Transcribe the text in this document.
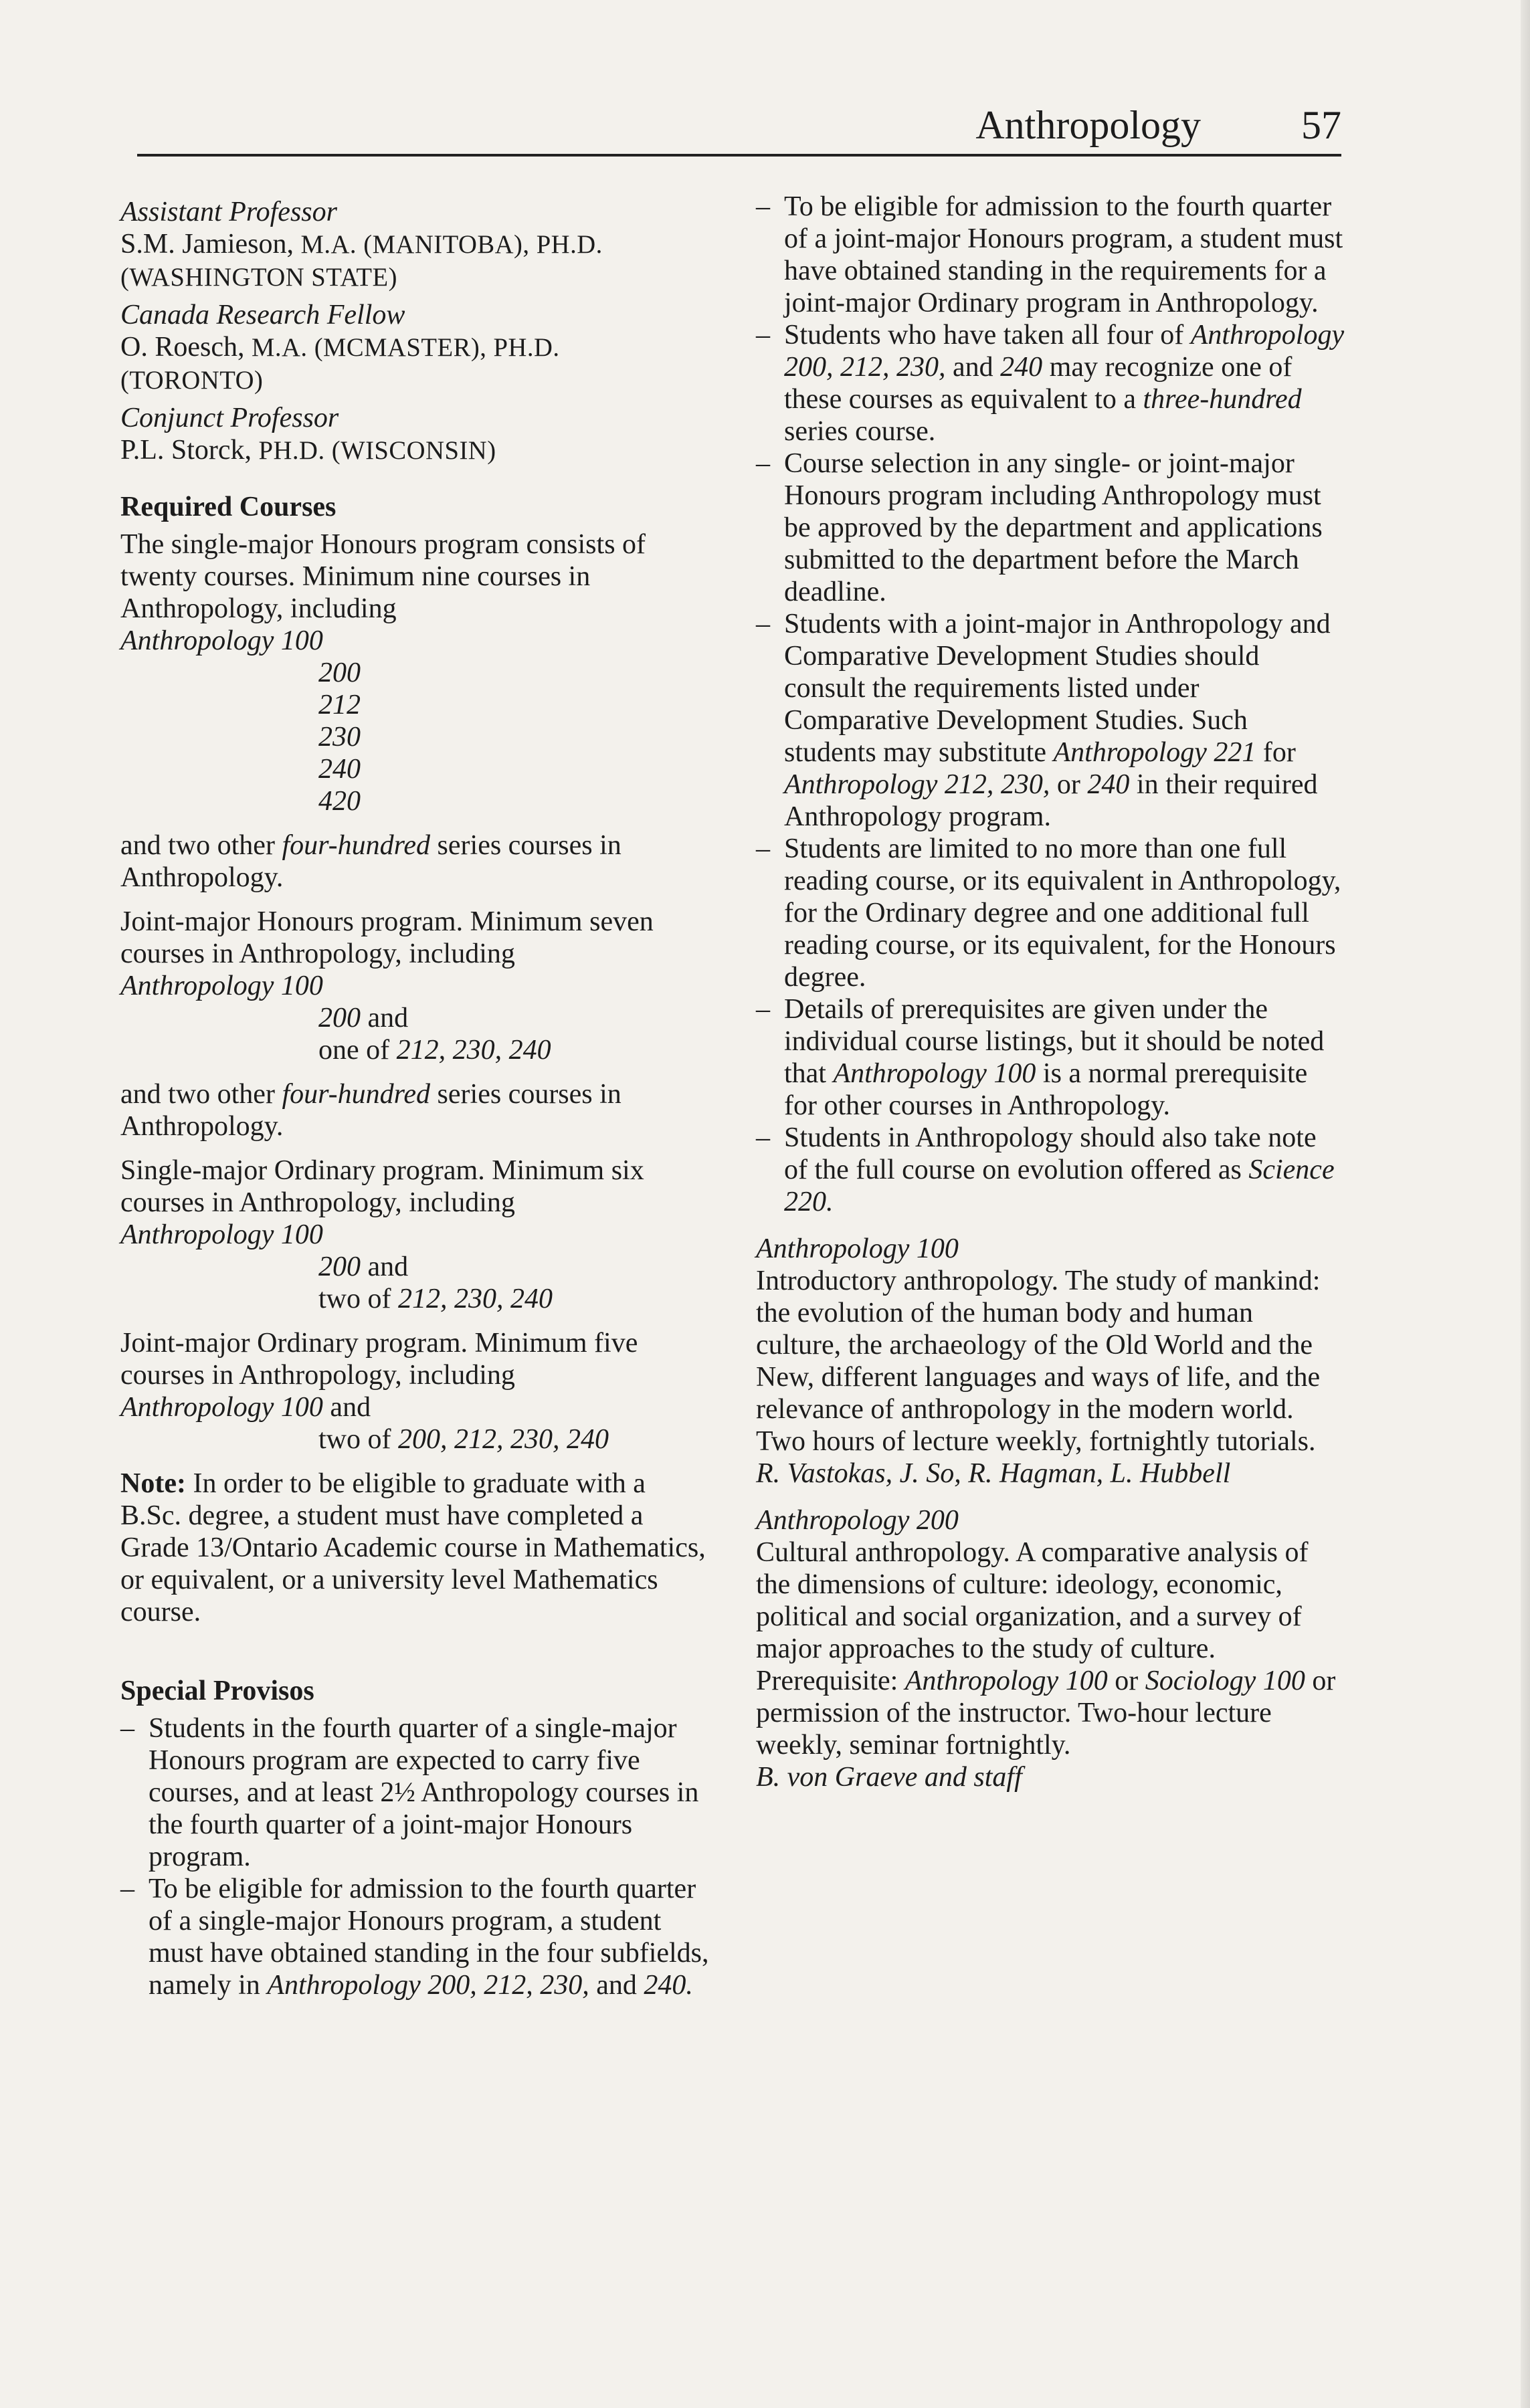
Anthropology	57
Assistant Professor
S.M. Jamieson, M.A. (MANITOBA), PH.D. (WASHINGTON STATE)
Canada Research Fellow
O. Roesch, M.A. (MCMASTER), PH.D. (TORONTO)
Conjunct Professor
P.L. Storck, PH.D. (WISCONSIN)
Required Courses

The single-major Honours program consists of twenty courses. Minimum nine courses in Anthropology, including

Anthropology 100
200
212
230
240
420

and two other four-hundred series courses in Anthropology.

Joint-major Honours program. Minimum seven courses in Anthropology, including

Anthropology 100
200 and
one of 212, 230, 240

and two other four-hundred series courses in Anthropology.

Single-major Ordinary program. Minimum six courses in Anthropology, including

Anthropology 100
200 and
two of 212, 230, 240

Joint-major Ordinary program. Minimum five courses in Anthropology, including

Anthropology 100 and
two of 200, 212, 230, 240

Note: In order to be eligible to graduate with a B.Sc. degree, a student must have completed a Grade 13/Ontario Academic course in Mathematics, or equivalent, or a university level Mathematics course.

Special Provisos
– Students in the fourth quarter of a single-major Honours program are expected to carry five courses, and at least 2½ Anthropology courses in the fourth quarter of a joint-major Honours program.
– To be eligible for admission to the fourth quarter of a single-major Honours program, a student must have obtained standing in the four subfields, namely in Anthropology 200, 212, 230, and 240.
– To be eligible for admission to the fourth quarter of a joint-major Honours program, a student must have obtained standing in the requirements for a joint-major Ordinary program in Anthropology.
– Students who have taken all four of Anthropology 200, 212, 230, and 240 may recognize one of these courses as equivalent to a three-hundred series course.
– Course selection in any single- or joint-major Honours program including Anthropology must be approved by the department and applications submitted to the department before the March deadline.
– Students with a joint-major in Anthropology and Comparative Development Studies should consult the requirements listed under Comparative Development Studies. Such students may substitute Anthropology 221 for Anthropology 212, 230, or 240 in their required Anthropology program.
– Students are limited to no more than one full reading course, or its equivalent in Anthropology, for the Ordinary degree and one additional full reading course, or its equivalent, for the Honours degree.
– Details of prerequisites are given under the individual course listings, but it should be noted that Anthropology 100 is a normal prerequisite for other courses in Anthropology.
– Students in Anthropology should also take note of the full course on evolution offered as Science 220.
Anthropology 100

Introductory anthropology. The study of mankind: the evolution of the human body and human culture, the archaeology of the Old World and the New, different languages and ways of life, and the relevance of anthropology in the modern world. Two hours of lecture weekly, fortnightly tutorials.

R. Vastokas, J. So, R. Hagman, L. Hubbell
Anthropology 200

Cultural anthropology. A comparative analysis of the dimensions of culture: ideology, economic, political and social organization, and a survey of major approaches to the study of culture. Prerequisite: Anthropology 100 or Sociology 100 or permission of the instructor. Two-hour lecture weekly, seminar fortnightly.

B. von Graeve and staff
